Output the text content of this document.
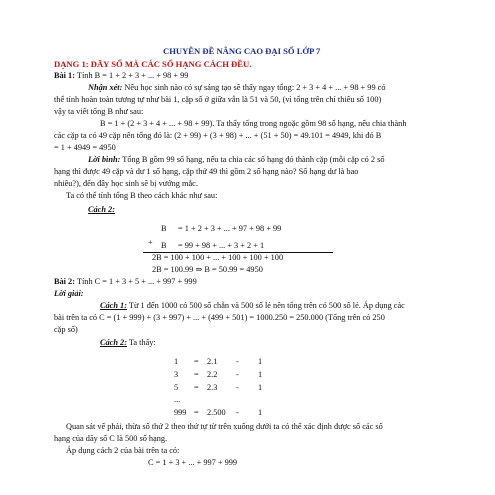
CHUYÊN ĐỀ NÂNG CAO ĐẠI SỐ LỚP 7
DẠNG 1: DÃY SỐ MÀ CÁC SỐ HẠNG CÁCH ĐỀU.
Bài 1: Tính B = 1 + 2 + 3 + ... + 98 + 99
Nhận xét: Nếu học sinh nào có sự sáng tạo sẽ thấy ngay tổng: 2 + 3 + 4 + ... + 98 + 99 có
thể tính hoàn toàn tương tự như bài 1, cặp số ở giữa vẫn là 51 và 50, (vì tổng trên chỉ thiếu số 100)
vậy ta viết tổng B như sau:
B = 1 + (2 + 3 + 4 + ... + 98 + 99). Ta thấy tổng trong ngoặc gồm 98 số hạng, nếu chia thành
các cặp ta có 49 cặp nên tổng đó là: (2 + 99) + (3 + 98) + ... + (51 + 50) = 49.101 = 4949, khi đó B
= 1 + 4949 = 4950
Lời bình: Tổng B gồm 99 số hạng, nếu ta chia các số hạng đó thành cặp (mỗi cặp có 2 số
hạng thì được 49 cặp và dư 1 số hạng, cặp thứ 49 thì gồm 2 số hạng nào? Số hạng dư là bao
nhiêu?), đến đây học sinh sẽ bị vướng mắc.
Ta có thể tính tổng B theo cách khác như sau:
Cách 2:
+
B = 1 + 2 + 3 + ... + 97 + 98 + 99
B = 99 + 98 + ... + 3 + 2 + 1
2B = 100 + 100 + ... + 100 + 100 + 100
2B = 100.99 ⇒ B = 50.99 = 4950
Bài 2: Tính C = 1 + 3 + 5 + ... + 997 + 999
Lời giải:
Cách 1: Từ 1 đến 1000 có 500 số chẵn và 500 số lẻ nên tổng trên có 500 số lẻ. Áp dụng các
bài trên ta có C = (1 + 999) + (3 + 997) + ... + (499 + 501) = 1000.250 = 250.000 (Tổng trên có 250
cặp số)
Cách 2: Ta thấy:
1 = 2.1 - 1
3 = 2.2 - 1
5 = 2.3 - 1
...
999 = 2.500 - 1
Quan sát vế phải, thừa số thứ 2 theo thứ tự từ trên xuống dưới ta có thể xác định được số các số
hạng của dãy số C là 500 số hạng.
Áp dụng cách 2 của bài trên ta có:
C = 1 + 3 + ... + 997 + 999
